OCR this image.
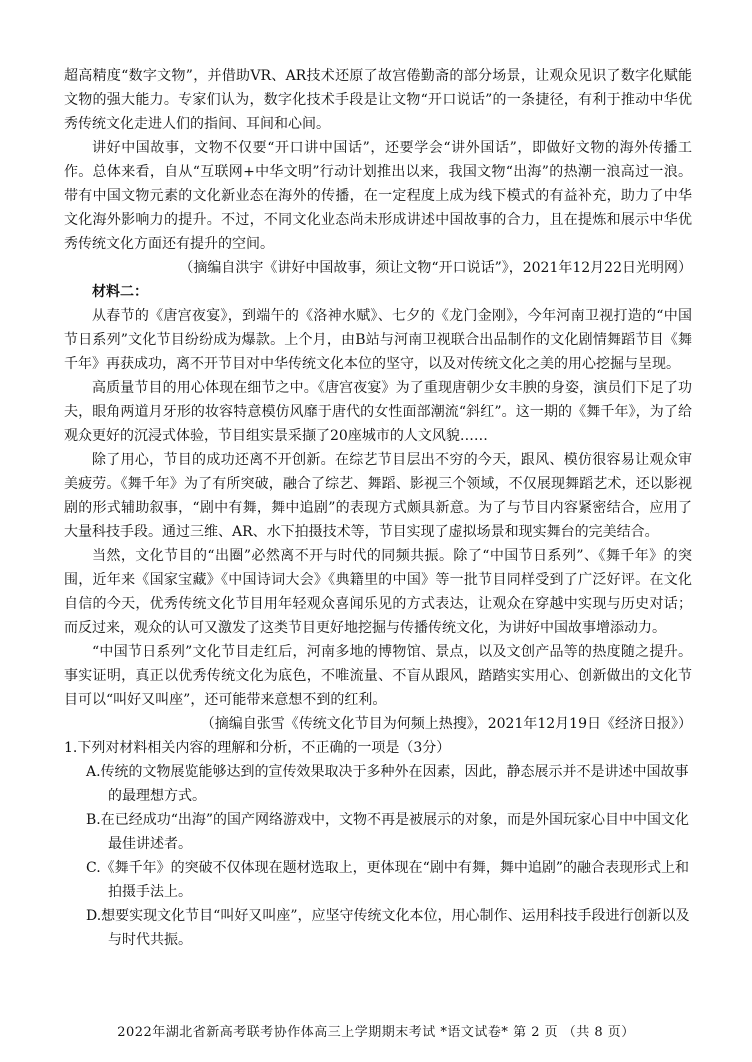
超高精度“数字文物”，并借助VR、AR技术还原了故宫倦勤斋的部分场景，让观众见识了数字化赋能文物的强大能力。专家们认为，数字化技术手段是让文物“开口说话”的一条捷径，有利于推动中华优秀传统文化走进人们的指间、耳间和心间。

讲好中国故事，文物不仅要“开口讲中国话”，还要学会“讲外国话”，即做好文物的海外传播工作。总体来看，自从“互联网+中华文明”行动计划推出以来，我国文物“出海”的热潮一浪高过一浪。带有中国文物元素的文化新业态在海外的传播，在一定程度上成为线下模式的有益补充，助力了中华文化海外影响力的提升。不过，不同文化业态尚未形成讲述中国故事的合力，且在提炼和展示中华优秀传统文化方面还有提升的空间。

（摘编自洪宇《讲好中国故事，须让文物“开口说话”》，2021年12月22日光明网）

材料二：

从春节的《唐宫夜宴》，到端午的《洛神水赋》、七夕的《龙门金刚》，今年河南卫视打造的“中国节日系列”文化节目纷纷成为爆款。上个月，由B站与河南卫视联合出品制作的文化剧情舞蹈节目《舞千年》再获成功，离不开节目对中华传统文化本位的坚守，以及对传统文化之美的用心挖掘与呈现。

高质量节目的用心体现在细节之中。《唐宫夜宴》为了重现唐朝少女丰腴的身姿，演员们下足了功夫，眼角两道月牙形的妆容特意模仿风靡于唐代的女性面部潮流“斜红”。这一期的《舞千年》，为了给观众更好的沉浸式体验，节目组实景采撷了20座城市的人文风貌……

除了用心，节目的成功还离不开创新。在综艺节目层出不穷的今天，跟风、模仿很容易让观众审美疲劳。《舞千年》为了有所突破，融合了综艺、舞蹈、影视三个领域，不仅展现舞蹈艺术，还以影视剧的形式辅助叙事，“剧中有舞，舞中追剧”的表现方式颇具新意。为了与节目内容紧密结合，应用了大量科技手段。通过三维、AR、水下拍摄技术等，节目实现了虚拟场景和现实舞台的完美结合。

当然，文化节目的“出圈”必然离不开与时代的同频共振。除了“中国节日系列”、《舞千年》的突围，近年来《国家宝藏》《中国诗词大会》《典籍里的中国》等一批节目同样受到了广泛好评。在文化自信的今天，优秀传统文化节目用年轻观众喜闻乐见的方式表达，让观众在穿越中实现与历史对话；而反过来，观众的认可又激发了这类节目更好地挖掘与传播传统文化，为讲好中国故事增添动力。

“中国节日系列”文化节目走红后，河南多地的博物馆、景点，以及文创产品等的热度随之提升。事实证明，真正以优秀传统文化为底色，不唯流量、不盲从跟风，踏踏实实用心、创新做出的文化节目可以“叫好又叫座”，还可能带来意想不到的红利。

（摘编自张雪《传统文化节目为何频上热搜》，2021年12月19日《经济日报》）

1.下列对材料相关内容的理解和分析，不正确的一项是（3分）

A.传统的文物展览能够达到的宣传效果取决于多种外在因素，因此，静态展示并不是讲述中国故事的最理想方式。

B.在已经成功“出海”的国产网络游戏中，文物不再是被展示的对象，而是外国玩家心目中中国文化最佳讲述者。

C.《舞千年》的突破不仅体现在题材选取上，更体现在“剧中有舞，舞中追剧”的融合表现形式上和拍摄手法上。

D.想要实现文化节目“叫好又叫座”，应坚守传统文化本位，用心制作、运用科技手段进行创新以及与时代共振。

2022年湖北省新高考联考协作体高三上学期期末考试 *语文试卷* 第 2 页 （共 8 页）
